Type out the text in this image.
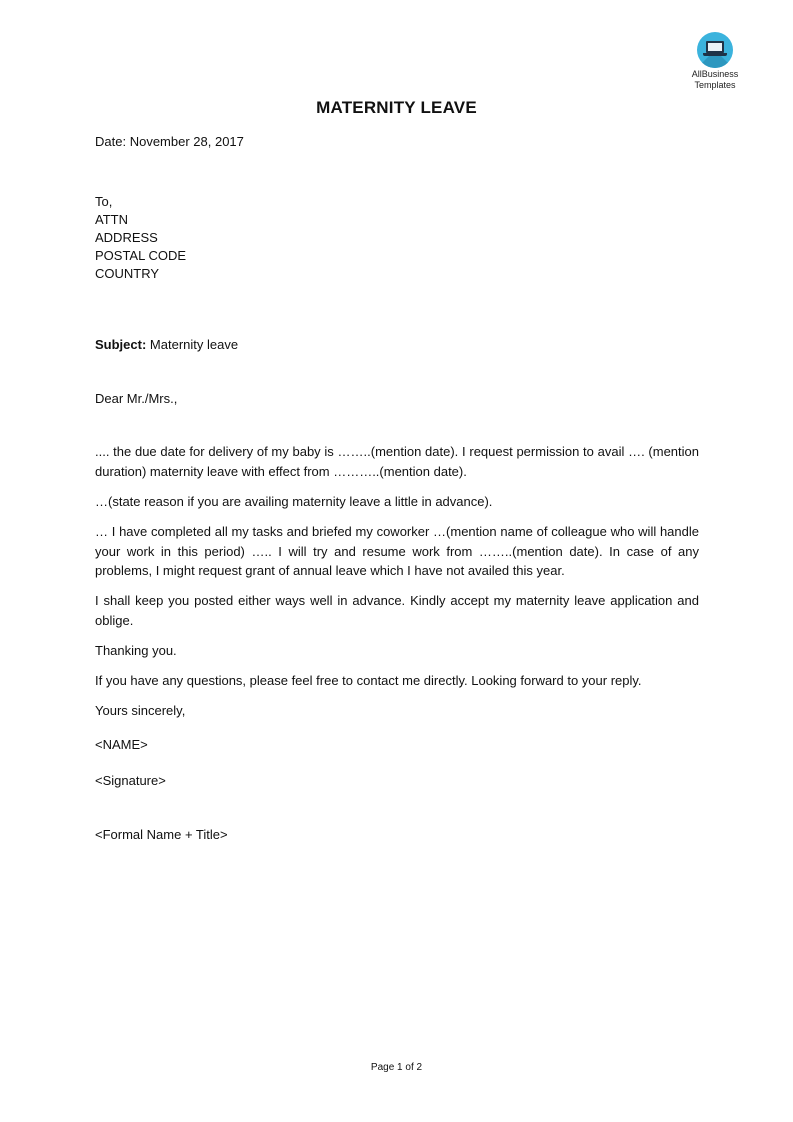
AllBusiness
Templates
MATERNITY LEAVE
Date: November 28, 2017
To,
ATTN
ADDRESS
POSTAL CODE
COUNTRY
Subject: Maternity leave
Dear Mr./Mrs.,
.... the due date for delivery of my baby is ……..(mention date). I request permission to avail …. (mention duration) maternity leave with effect from ………..(mention date).
…(state reason if you are availing maternity leave a little in advance).
… I have completed all my tasks and briefed my coworker …(mention name of colleague who will handle your work in this period) ….. I will try and resume work from ……..(mention date). In case of any problems, I might request grant of annual leave which I have not availed this year.
I shall keep you posted either ways well in advance. Kindly accept my maternity leave application and oblige.
Thanking you.
If you have any questions, please feel free to contact me directly. Looking forward to your reply.
Yours sincerely,
<NAME>
<Signature>
<Formal Name + Title>
Page 1 of 2
